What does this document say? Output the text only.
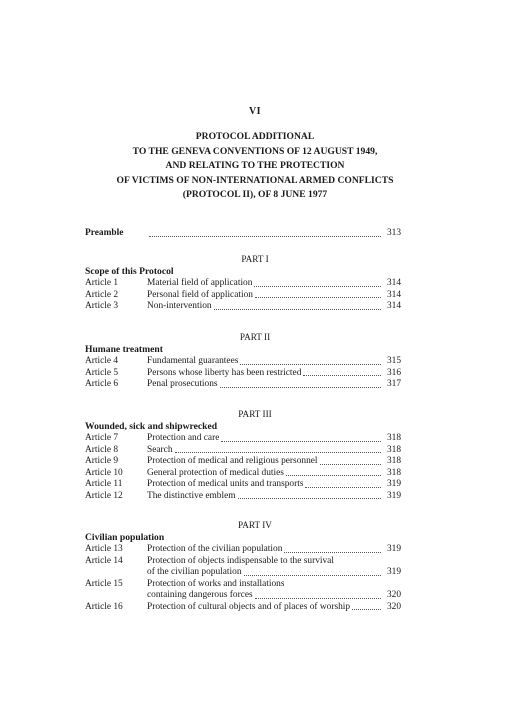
VI
PROTOCOL ADDITIONAL
TO THE GENEVA CONVENTIONS OF 12 AUGUST 1949,
AND RELATING TO THE PROTECTION
OF VICTIMS OF NON-INTERNATIONAL ARMED CONFLICTS
(PROTOCOL II), OF 8 JUNE 1977
Preamble	313
PART I
Scope of this Protocol
Article 1	Material field of application	314
Article 2	Personal field of application	314
Article 3	Non-intervention	314
PART II
Humane treatment
Article 4	Fundamental guarantees	315
Article 5	Persons whose liberty has been restricted	316
Article 6	Penal prosecutions	317
PART III
Wounded, sick and shipwrecked
Article 7	Protection and care	318
Article 8	Search	318
Article 9	Protection of medical and religious personnel	318
Article 10	General protection of medical duties	318
Article 11	Protection of medical units and transports	319
Article 12	The distinctive emblem	319
PART IV
Civilian population
Article 13	Protection of the civilian population	319
Article 14	Protection of objects indispensable to the survival
of the civilian population	319
Article 15	Protection of works and installations
containing dangerous forces	320
Article 16	Protection of cultural objects and of places of worship	320
